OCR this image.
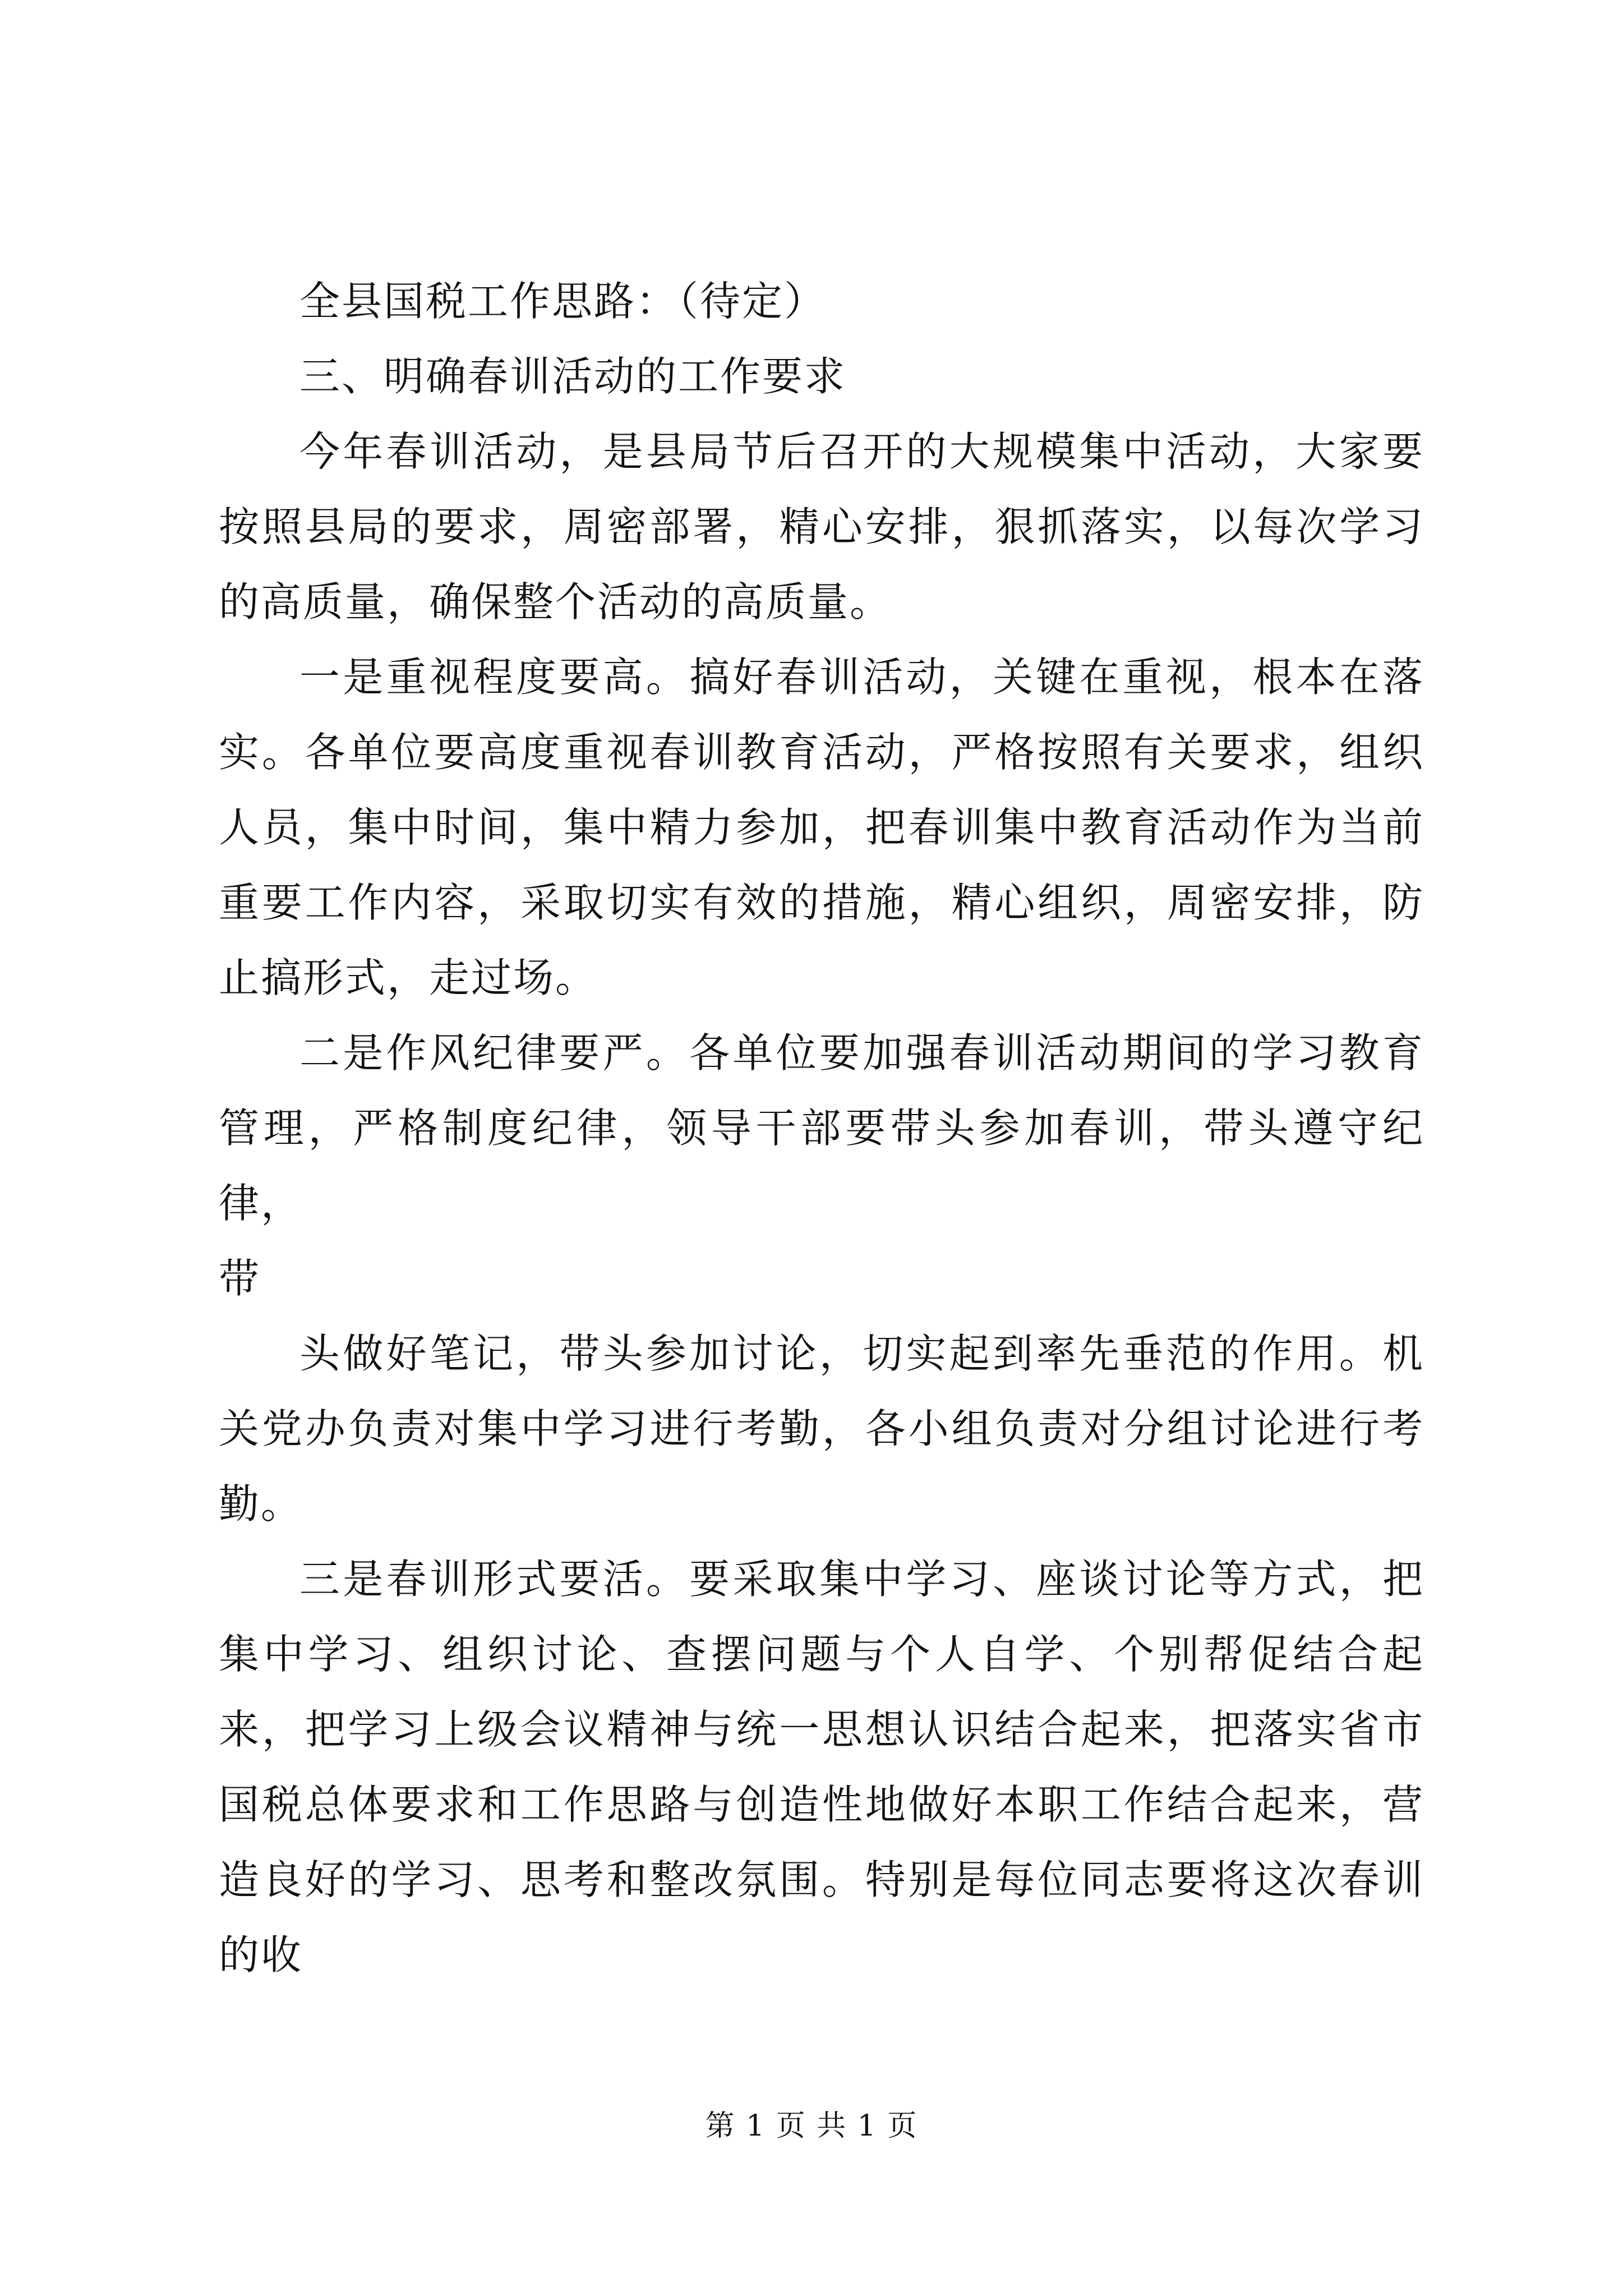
全县国税工作思路：（待定）

三、明确春训活动的工作要求

今年春训活动，是县局节后召开的大规模集中活动，大家要按照县局的要求，周密部署，精心安排，狠抓落实，以每次学习的高质量，确保整个活动的高质量。

一是重视程度要高。搞好春训活动，关键在重视，根本在落实。各单位要高度重视春训教育活动，严格按照有关要求，组织人员，集中时间，集中精力参加，把春训集中教育活动作为当前重要工作内容，采取切实有效的措施，精心组织，周密安排，防止搞形式，走过场。

二是作风纪律要严。各单位要加强春训活动期间的学习教育管理，严格制度纪律，领导干部要带头参加春训，带头遵守纪律，

带

头做好笔记，带头参加讨论，切实起到率先垂范的作用。机关党办负责对集中学习进行考勤，各小组负责对分组讨论进行考勤。

三是春训形式要活。要采取集中学习、座谈讨论等方式，把集中学习、组织讨论、查摆问题与个人自学、个别帮促结合起来，把学习上级会议精神与统一思想认识结合起来，把落实省市国税总体要求和工作思路与创造性地做好本职工作结合起来，营造良好的学习、思考和整改氛围。特别是每位同志要将这次春训的收

第 1 页 共 1 页
